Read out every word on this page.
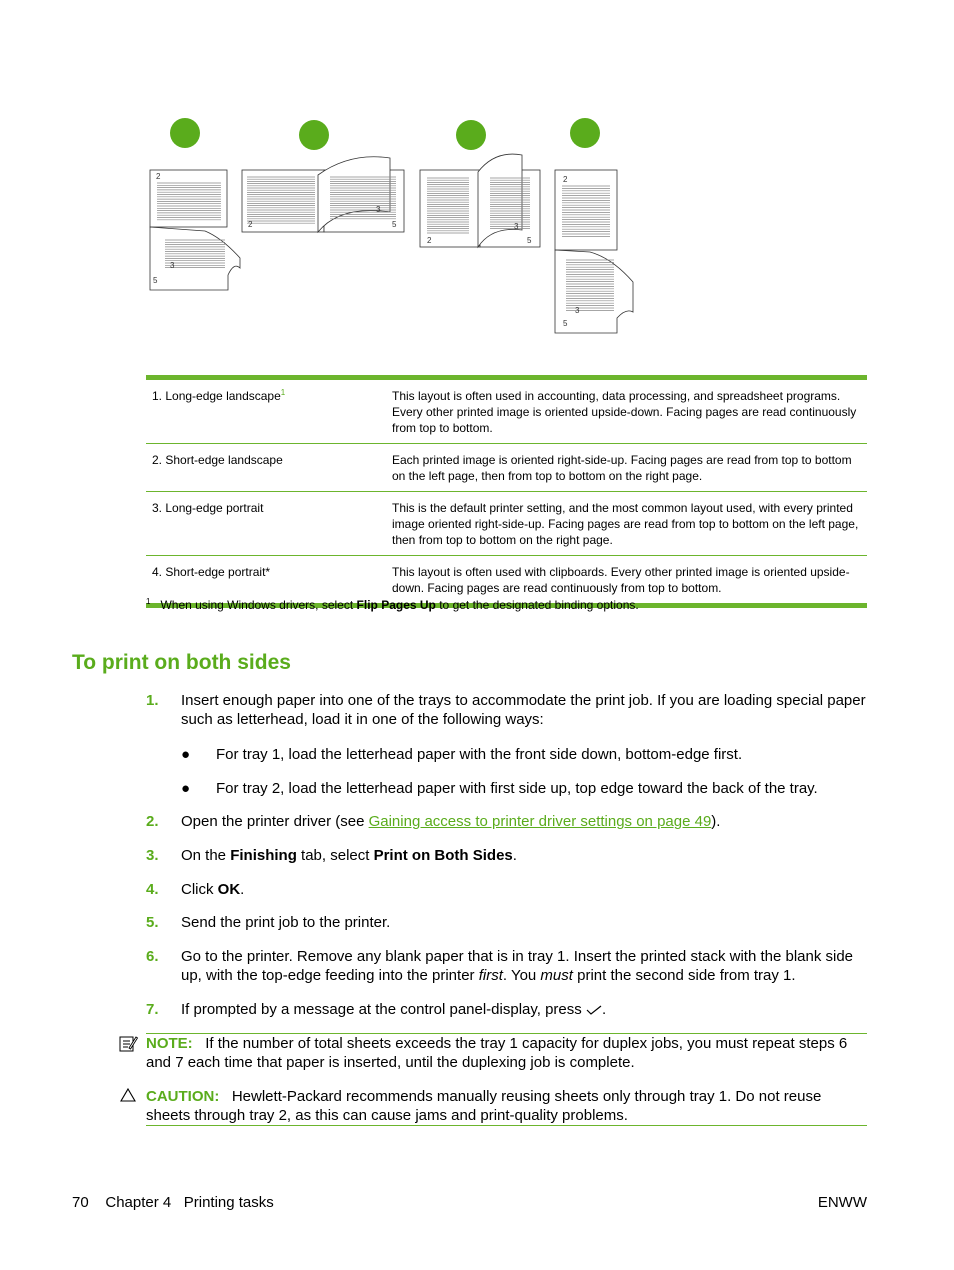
2
3
5
2
3
5
2
3
5
2
3
5
1. Long-edge landscape$^1$	This layout is often used in accounting, data processing, and spreadsheet programs. Every other printed image is oriented upside-down. Facing pages are read continuously from top to bottom.
2. Short-edge landscape	Each printed image is oriented right-side-up. Facing pages are read from top to bottom on the left page, then from top to bottom on the right page.
3. Long-edge portrait	This is the default printer setting, and the most common layout used, with every printed image oriented right-side-up. Facing pages are read from top to bottom on the left page, then from top to bottom on the right page.
4. Short-edge portrait*	This layout is often used with clipboards. Every other printed image is oriented upside-down. Facing pages are read continuously from top to bottom.
$^1$ When using Windows drivers, select Flip Pages Up to get the designated binding options.
To print on both sides
1. Insert enough paper into one of the trays to accommodate the print job. If you are loading special paper such as letterhead, load it in one of the following ways:
● For tray 1, load the letterhead paper with the front side down, bottom-edge first.
● For tray 2, load the letterhead paper with first side up, top edge toward the back of the tray.
2. Open the printer driver (see Gaining access to printer driver settings on page 49).
3. On the Finishing tab, select Print on Both Sides.
4. Click OK.
5. Send the print job to the printer.
6. Go to the printer. Remove any blank paper that is in tray 1. Insert the printed stack with the blank side up, with the top-edge feeding into the printer first. You must print the second side from tray 1.
7. If prompted by a message at the control panel-display, press .
NOTE: If the number of total sheets exceeds the tray 1 capacity for duplex jobs, you must repeat steps 6 and 7 each time that paper is inserted, until the duplexing job is complete.
CAUTION: Hewlett-Packard recommends manually reusing sheets only through tray 1. Do not reuse sheets through tray 2, as this can cause jams and print-quality problems.
70 Chapter 4   Printing tasks	ENWW
